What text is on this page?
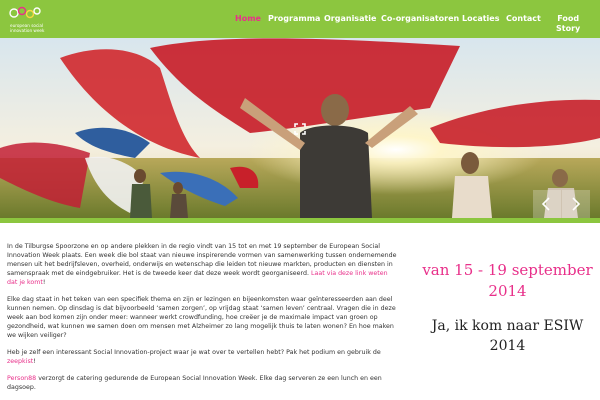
european social
innovation week
Home Programma Organisatie Co-organisatoren Locaties Contact Food
Story

In de Tilburgse Spoorzone en op andere plekken in de regio vindt van 15 tot en met 19 september de European Social Innovation Week plaats. Een week die bol staat van nieuwe inspirerende vormen van samenwerking tussen ondernemende mensen uit het bedrijfsleven, overheid, onderwijs en wetenschap die leiden tot nieuwe markten, producten en diensten in samenspraak met de eindgebruiker. Het is de tweede keer dat deze week wordt georganiseerd. Laat via deze link weten dat je komt!

Elke dag staat in het teken van een specifiek thema en zijn er lezingen en bijeenkomsten waar geïnteresseerden aan deel kunnen nemen. Op dinsdag is dat bijvoorbeeld ‘samen zorgen’, op vrijdag staat ‘samen leven’ centraal. Vragen die in deze week aan bod komen zijn onder meer: wanneer werkt crowdfunding, hoe creëer je de maximale impact van groen op gezondheid, wat kunnen we samen doen om mensen met Alzheimer zo lang mogelijk thuis te laten wonen? En hoe maken we wijken veiliger?

Heb je zelf een interessant Social Innovation-project waar je wat over te vertellen hebt? Pak het podium en gebruik de zeepkist!

Person88 verzorgt de catering gedurende de European Social Innovation Week. Elke dag serveren ze een lunch en een dagsoep.

van 15 - 19 september 2014
Ja, ik kom naar ESIW 2014
